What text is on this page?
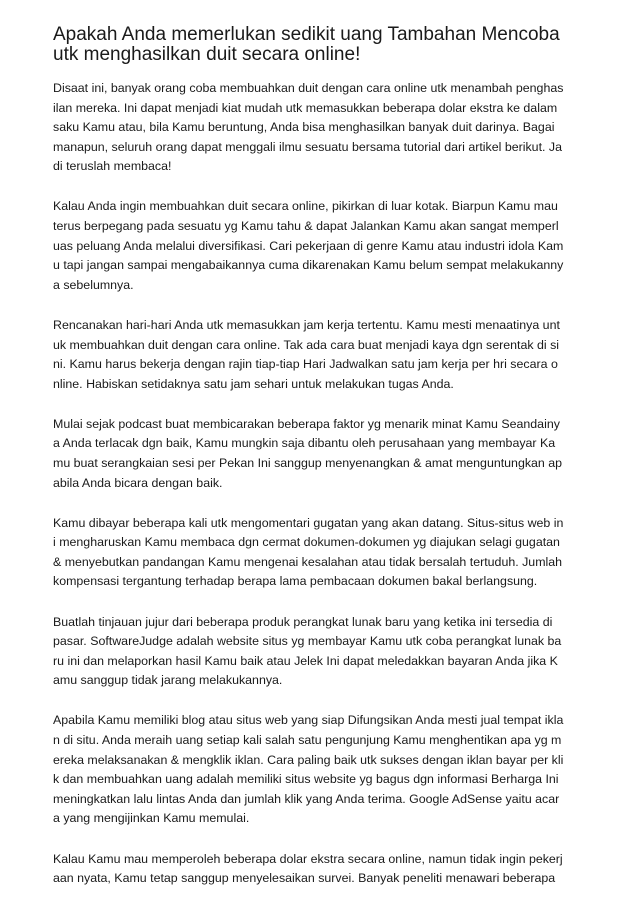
Apakah Anda memerlukan sedikit uang Tambahan Mencoba
utk menghasilkan duit secara online!

Disaat ini, banyak orang coba membuahkan duit dengan cara online utk menambah penghas
ilan mereka. Ini dapat menjadi kiat mudah utk memasukkan beberapa dolar ekstra ke dalam
saku Kamu atau, bila Kamu beruntung, Anda bisa menghasilkan banyak duit darinya. Bagai
manapun, seluruh orang dapat menggali ilmu sesuatu bersama tutorial dari artikel berikut. Ja
di teruslah membaca!

Kalau Anda ingin membuahkan duit secara online, pikirkan di luar kotak. Biarpun Kamu mau
terus berpegang pada sesuatu yg Kamu tahu & dapat Jalankan Kamu akan sangat memperl
uas peluang Anda melalui diversifikasi. Cari pekerjaan di genre Kamu atau industri idola Kam
u tapi jangan sampai mengabaikannya cuma dikarenakan Kamu belum sempat melakukanny
a sebelumnya.

Rencanakan hari-hari Anda utk memasukkan jam kerja tertentu. Kamu mesti menaatinya unt
uk membuahkan duit dengan cara online. Tak ada cara buat menjadi kaya dgn serentak di si
ni. Kamu harus bekerja dengan rajin tiap-tiap Hari Jadwalkan satu jam kerja per hri secara o
nline. Habiskan setidaknya satu jam sehari untuk melakukan tugas Anda.

Mulai sejak podcast buat membicarakan beberapa faktor yg menarik minat Kamu Seandainy
a Anda terlacak dgn baik, Kamu mungkin saja dibantu oleh perusahaan yang membayar Ka
mu buat serangkaian sesi per Pekan Ini sanggup menyenangkan & amat menguntungkan ap
abila Anda bicara dengan baik.

Kamu dibayar beberapa kali utk mengomentari gugatan yang akan datang. Situs-situs web in
i mengharuskan Kamu membaca dgn cermat dokumen-dokumen yg diajukan selagi gugatan
& menyebutkan pandangan Kamu mengenai kesalahan atau tidak bersalah tertuduh. Jumlah
kompensasi tergantung terhadap berapa lama pembacaan dokumen bakal berlangsung.

Buatlah tinjauan jujur dari beberapa produk perangkat lunak baru yang ketika ini tersedia di
pasar. SoftwareJudge adalah website situs yg membayar Kamu utk coba perangkat lunak ba
ru ini dan melaporkan hasil Kamu baik atau Jelek Ini dapat meledakkan bayaran Anda jika K
amu sanggup tidak jarang melakukannya.

Apabila Kamu memiliki blog atau situs web yang siap Difungsikan Anda mesti jual tempat ikla
n di situ. Anda meraih uang setiap kali salah satu pengunjung Kamu menghentikan apa yg m
ereka melaksanakan & mengklik iklan. Cara paling baik utk sukses dengan iklan bayar per kli
k dan membuahkan uang adalah memiliki situs website yg bagus dgn informasi Berharga Ini
meningkatkan lalu lintas Anda dan jumlah klik yang Anda terima. Google AdSense yaitu acar
a yang mengijinkan Kamu memulai.

Kalau Kamu mau memperoleh beberapa dolar ekstra secara online, namun tidak ingin pekerj
aan nyata, Kamu tetap sanggup menyelesaikan survei. Banyak peneliti menawari beberapa
